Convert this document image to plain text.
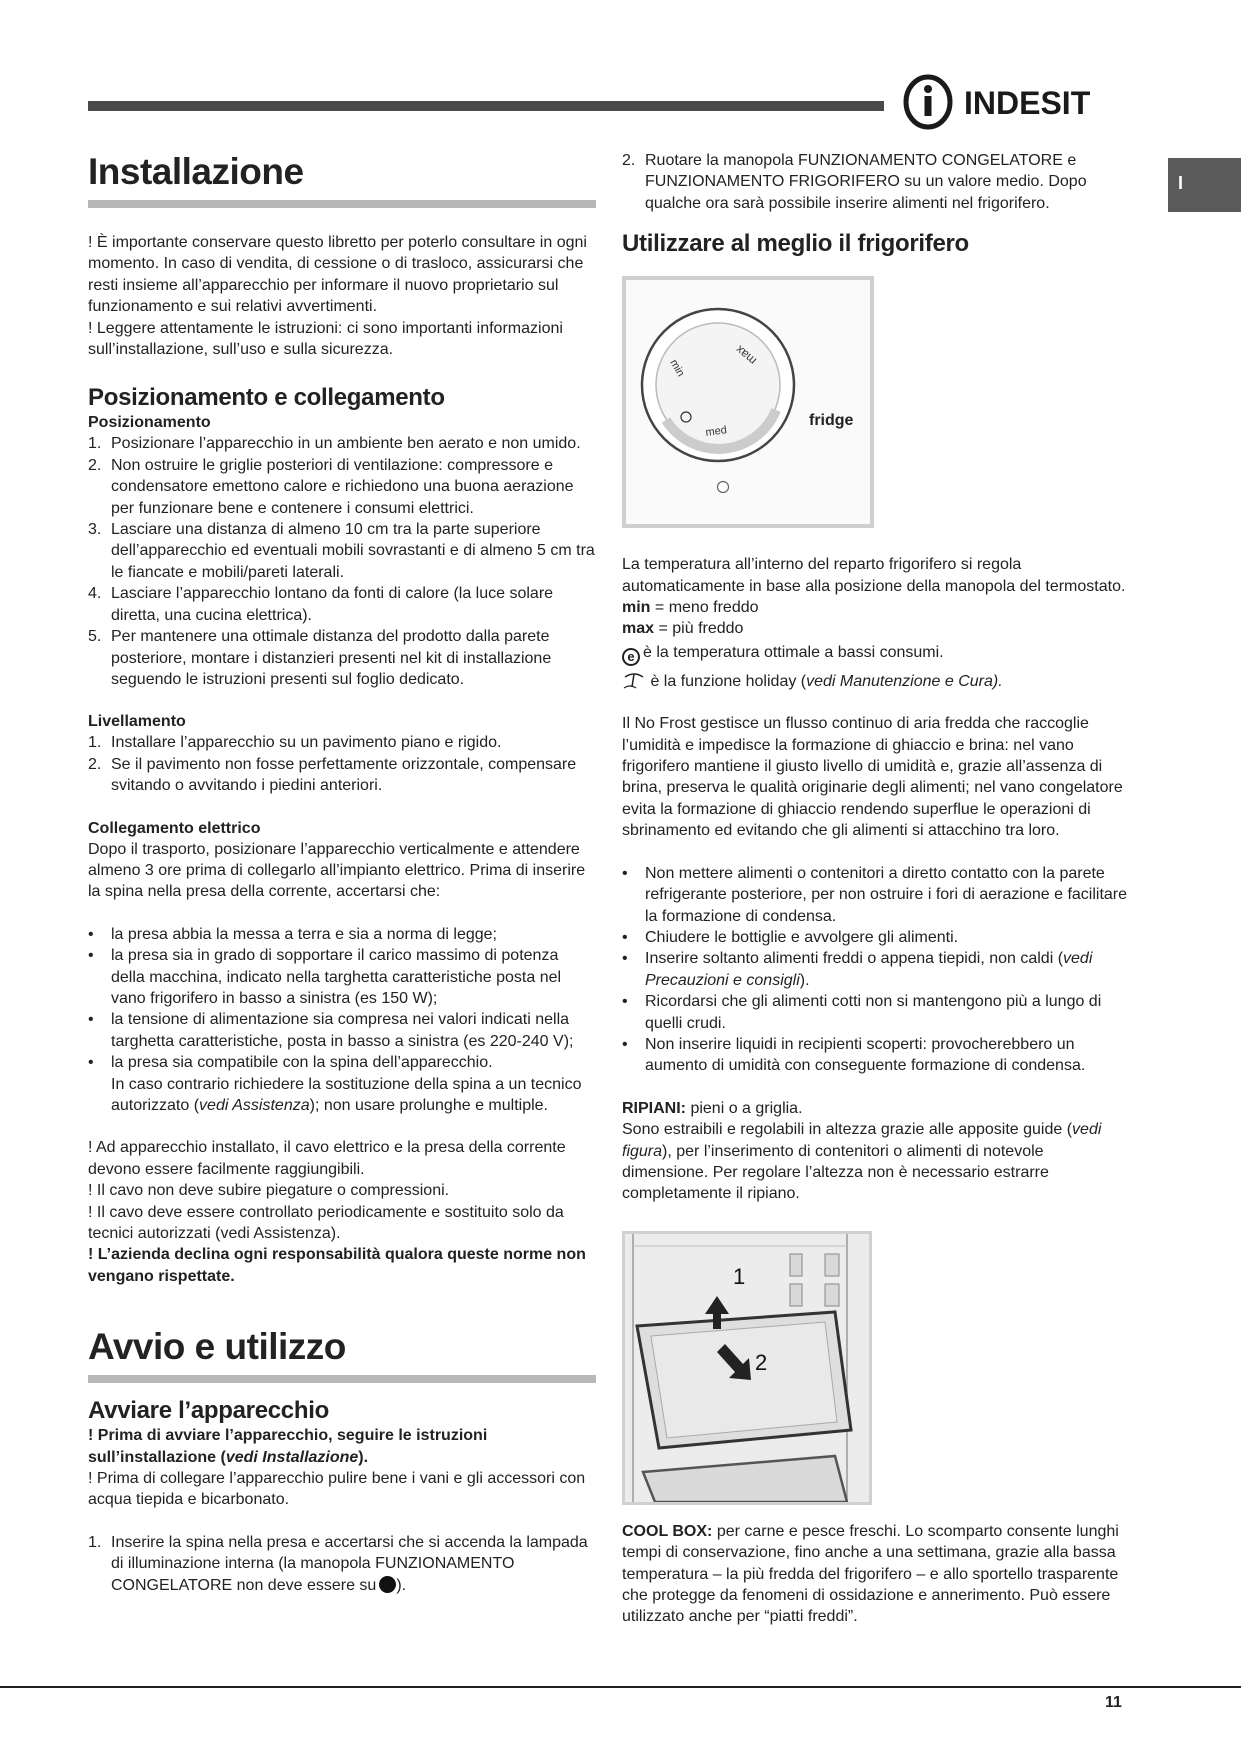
INDESIT
I
Installazione

! È importante conservare questo libretto per poterlo consultare in ogni momento. In caso di vendita, di cessione o di trasloco, assicurarsi che resti insieme all’apparecchio per informare il nuovo proprietario sul funzionamento e sui relativi avvertimenti.

! Leggere attentamente le istruzioni: ci sono importanti informazioni sull’installazione, sull’uso e sulla sicurezza.

Posizionamento e collegamento
Posizionamento
1. Posizionare l’apparecchio in un ambiente ben aerato e non umido.
2. Non ostruire le griglie posteriori di ventilazione: compressore e condensatore emettono calore e richiedono una buona aerazione per funzionare bene e contenere i consumi elettrici.
3. Lasciare una distanza di almeno 10 cm tra la parte superiore dell’apparecchio ed eventuali mobili sovrastanti e di almeno 5 cm tra le fiancate e mobili/pareti laterali.
4. Lasciare l’apparecchio lontano da fonti di calore (la luce solare diretta, una cucina elettrica).
5. Per mantenere una ottimale distanza del prodotto dalla parete posteriore, montare i distanzieri presenti nel kit di installazione seguendo le istruzioni presenti sul foglio dedicato.
Livellamento
1. Installare l’apparecchio su un pavimento piano e rigido.
2. Se il pavimento non fosse perfettamente orizzontale, compensare svitando o avvitando i piedini anteriori.
Collegamento elettrico

Dopo il trasporto, posizionare l’apparecchio verticalmente e attendere almeno 3 ore prima di collegarlo all’impianto elettrico. Prima di inserire la spina nella presa della corrente, accertarsi che:

• la presa abbia la messa a terra e sia a norma di legge;
• la presa sia in grado di sopportare il carico massimo di potenza della macchina, indicato nella targhetta caratteristiche posta nel vano frigorifero in basso a sinistra (es 150 W);
• la tensione di alimentazione sia compresa nei valori indicati nella targhetta caratteristiche, posta in basso a sinistra (es 220-240 V);
• la presa sia compatibile con la spina dell’apparecchio.
In caso contrario richiedere la sostituzione della spina a un tecnico autorizzato (vedi Assistenza); non usare prolunghe e multiple.

! Ad apparecchio installato, il cavo elettrico e la presa della corrente devono essere facilmente raggiungibili.

! Il cavo non deve subire piegature o compressioni.

! Il cavo deve essere controllato periodicamente e sostituito solo da tecnici autorizzati (vedi Assistenza).

! L’azienda declina ogni responsabilità qualora queste norme non vengano rispettate.

Avvio e utilizzo
Avviare l’apparecchio

! Prima di avviare l’apparecchio, seguire le istruzioni sull’installazione (vedi Installazione).

! Prima di collegare l’apparecchio pulire bene i vani e gli accessori con acqua tiepida e bicarbonato.

1. Inserire la spina nella presa e accertarsi che si accenda la lampada di illuminazione interna (la manopola FUNZIONAMENTO CONGELATORE non deve essere su ).
2. Ruotare la manopola FUNZIONAMENTO CONGELATORE e FUNZIONAMENTO FRIGORIFERO su un valore medio. Dopo qualche ora sarà possibile inserire alimenti nel frigorifero.
Utilizzare al meglio il frigorifero
min
max
med
fridge

La temperatura all’interno del reparto frigorifero si regola automaticamente in base alla posizione della manopola del termostato.

min = meno freddo

max = più freddo

e è la temperatura ottimale a bassi consumi.

è la funzione holiday (vedi Manutenzione e Cura).

Il No Frost gestisce un flusso continuo di aria fredda che raccoglie l’umidità e impedisce la formazione di ghiaccio e brina: nel vano frigorifero mantiene il giusto livello di umidità e, grazie all’assenza di brina, preserva le qualità originarie degli alimenti; nel vano congelatore evita la formazione di ghiaccio rendendo superflue le operazioni di sbrinamento ed evitando che gli alimenti si attacchino tra loro.

• Non mettere alimenti o contenitori a diretto contatto con la parete refrigerante posteriore, per non ostruire i fori di aerazione e facilitare la formazione di condensa.
• Chiudere le bottiglie e avvolgere gli alimenti.
• Inserire soltanto alimenti freddi o appena tiepidi, non caldi (vedi Precauzioni e consigli).
• Ricordarsi che gli alimenti cotti non si mantengono più a lungo di quelli crudi.
• Non inserire liquidi in recipienti scoperti: provocherebbero un aumento di umidità con conseguente formazione di condensa.

RIPIANI: pieni o a griglia.

Sono estraibili e regolabili in altezza grazie alle apposite guide (vedi figura), per l’inserimento di contenitori o alimenti di notevole dimensione. Per regolare l’altezza non è necessario estrarre completamente il ripiano.

1
2

COOL BOX: per carne e pesce freschi. Lo scomparto consente lunghi tempi di conservazione, fino anche a una settimana, grazie alla bassa temperatura – la più fredda del frigorifero – e allo sportello trasparente che protegge da fenomeni di ossidazione e annerimento. Può essere utilizzato anche per “piatti freddi”.

11
